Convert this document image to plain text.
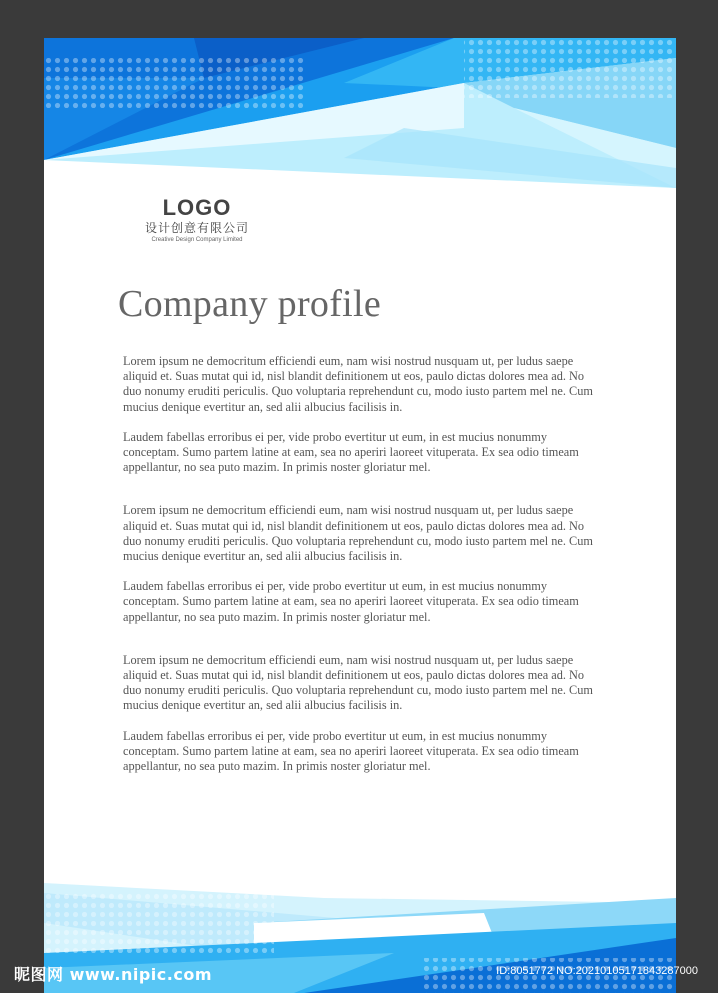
LOGO
设计创意有限公司
Creative Design Company Limited
Company profile

Lorem ipsum ne democritum efficiendi eum, nam wisi nostrud nusquam ut, per ludus saepe aliquid et. Suas mutat qui id, nisl blandit definitionem ut eos, paulo dictas dolores mea ad. No duo nonumy eruditi periculis. Quo voluptaria reprehendunt cu, modo iusto partem mel ne. Cum mucius denique evertitur an, sed alii albucius facilisis in.

Laudem fabellas erroribus ei per, vide probo evertitur ut eum, in est mucius nonummy conceptam. Sumo partem latine at eam, sea no aperiri laoreet vituperata. Ex sea odio timeam appellantur, no sea puto mazim. In primis noster gloriatur mel.

Lorem ipsum ne democritum efficiendi eum, nam wisi nostrud nusquam ut, per ludus saepe aliquid et. Suas mutat qui id, nisl blandit definitionem ut eos, paulo dictas dolores mea ad. No duo nonumy eruditi periculis. Quo voluptaria reprehendunt cu, modo iusto partem mel ne. Cum mucius denique evertitur an, sed alii albucius facilisis in.

Laudem fabellas erroribus ei per, vide probo evertitur ut eum, in est mucius nonummy conceptam. Sumo partem latine at eam, sea no aperiri laoreet vituperata. Ex sea odio timeam appellantur, no sea puto mazim. In primis noster gloriatur mel.

Lorem ipsum ne democritum efficiendi eum, nam wisi nostrud nusquam ut, per ludus saepe aliquid et. Suas mutat qui id, nisl blandit definitionem ut eos, paulo dictas dolores mea ad. No duo nonumy eruditi periculis. Quo voluptaria reprehendunt cu, modo iusto partem mel ne. Cum mucius denique evertitur an, sed alii albucius facilisis in.

Laudem fabellas erroribus ei per, vide probo evertitur ut eum, in est mucius nonummy conceptam. Sumo partem latine at eam, sea no aperiri laoreet vituperata. Ex sea odio timeam appellantur, no sea puto mazim. In primis noster gloriatur mel.

昵图网 www.nipic.com	ID:8051772 NO:20210105171843287000
